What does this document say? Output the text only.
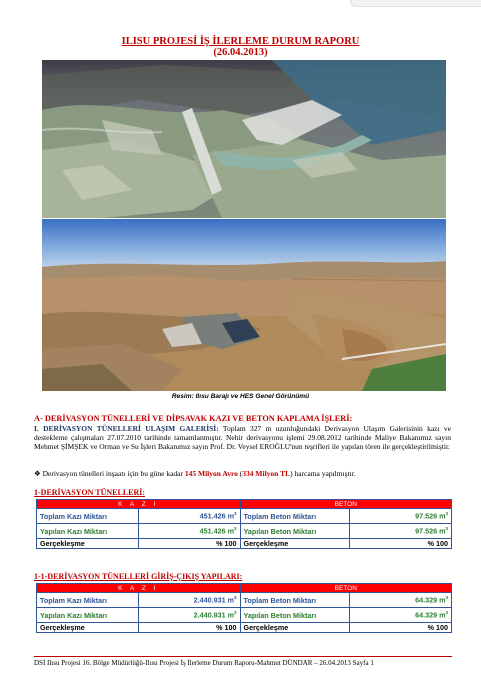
ILISU PROJESİ İŞ İLERLEME DURUM RAPORU
(26.04.2013)
Resim: Ilısu Barajı ve HES Genel Görünümü
A- DERİVASYON TÜNELLERİ VE DİPSAVAK KAZI VE BETON KAPLAMA İŞLERİ:
I. DERİVASYON TÜNELLERİ ULAŞIM GALERİSİ: Toplam 327 m uzunluğundaki Derivasyon Ulaşım Galerisinin kazı ve destekleme çalışmaları 27.07.2010 tarihinde tamamlanmıştır. Nehir derivasyonu işlemi 29.08.2012 tarihinde Maliye Bakanımız sayın Mehmet ŞİMŞEK ve Orman ve Su İşleri Bakanımız sayın Prof. Dr. Veysel EROĞLU'nun teşrifleri ile yapılan tören ile gerçekleştirilmiştir.
❖ Derivasyon tünelleri inşaatı için bu güne kadar 145 Milyon Avro (334 Milyon TL) harcama yapılmıştır.
1-DERİVASYON TÜNELLERİ:
K A Z I		BETON	
Toplam Kazı Miktarı	451.426 $m^3$	Toplam Beton Miktarı	97.526 $m^3$
Yapılan Kazı Miktarı	451.426 $m^3$	Yapılan Beton Miktarı	97.526 $m^3$
Gerçekleşme	% 100	Gerçekleşme	% 100
1-1-DERİVASYON TÜNELLERİ GİRİŞ-ÇIKIŞ YAPILARI:
K A Z I		BETON	
Toplam Kazı Miktarı	2.440.931 $m^3$	Toplam Beton Miktarı	64.329 $m^3$
Yapılan Kazı Miktarı	2.440.931 $m^3$	Yapılan Beton Miktarı	64.329 $m^3$
Gerçekleşme	% 100	Gerçekleşme	% 100
DSİ Ilısu Projesi 16. Bölge Müdürlüğü-Ilısu Projesi İş İlerleme Durum Raporu-Mahmut DÜNDAR – 26.04.2013 Sayfa 1
